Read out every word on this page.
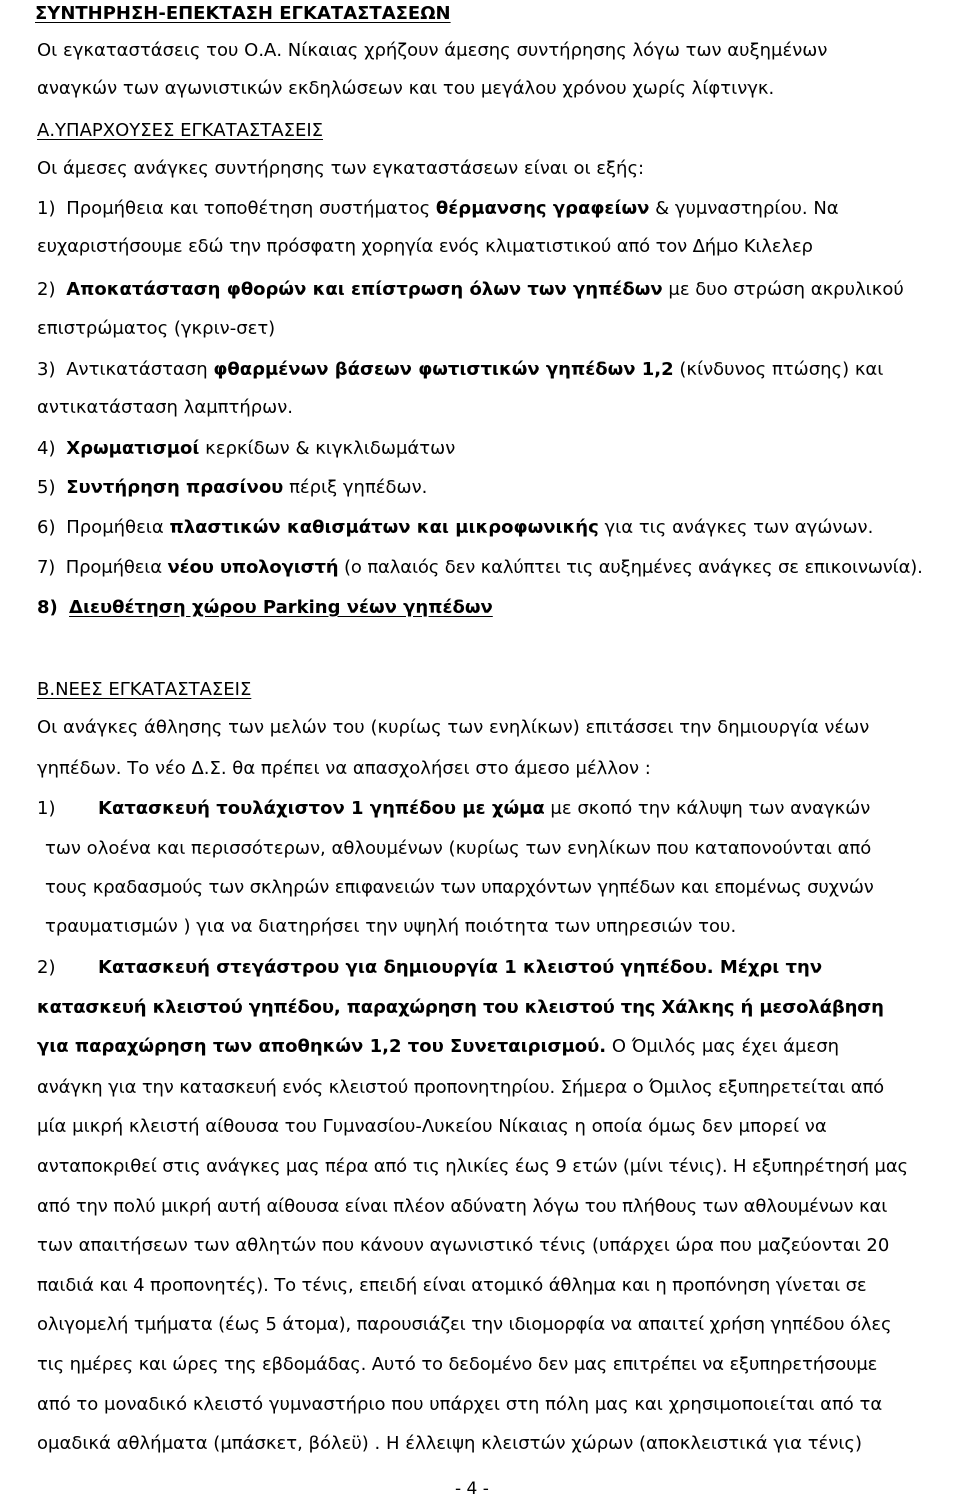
ΣΥΝΤΗΡΗΣΗ-ΕΠΕΚΤΑΣΗ ΕΓΚΑΤΑΣΤΑΣΕΩΝ
Οι εγκαταστάσεις του Ο.Α. Νίκαιας χρήζουν άμεσης συντήρησης λόγω των αυξημένων
αναγκών των αγωνιστικών εκδηλώσεων και του μεγάλου χρόνου χωρίς λίφτινγκ.
Α.ΥΠΑΡΧΟΥΣΕΣ ΕΓΚΑΤΑΣΤΑΣΕΙΣ
Οι άμεσες ανάγκες συντήρησης των εγκαταστάσεων είναι οι εξής:
1) Προμήθεια και τοποθέτηση συστήματος θέρμανσης γραφείων & γυμναστηρίου. Να
ευχαριστήσουμε εδώ την πρόσφατη χορηγία ενός κλιματιστικού από τον Δήμο Κιλελερ
2) Αποκατάσταση φθορών και επίστρωση όλων των γηπέδων με δυο στρώση ακρυλικού
επιστρώματος (γκριν-σετ)
3) Αντικατάσταση φθαρμένων βάσεων φωτιστικών γηπέδων 1,2 (κίνδυνος πτώσης) και
αντικατάσταση λαμπτήρων.
4) Χρωματισμοί κερκίδων & κιγκλιδωμάτων
5) Συντήρηση πρασίνου πέριξ γηπέδων.
6) Προμήθεια πλαστικών καθισμάτων και μικροφωνικής για τις ανάγκες των αγώνων.
7) Προμήθεια νέου υπολογιστή (ο παλαιός δεν καλύπτει τις αυξημένες ανάγκες σε επικοινωνία).
8) Διευθέτηση χώρου Parking νέων γηπέδων
Β.ΝΕΕΣ ΕΓΚΑΤΑΣΤΑΣΕΙΣ
Οι ανάγκες άθλησης των μελών του (κυρίως των ενηλίκων) επιτάσσει την δημιουργία νέων
γηπέδων. Το νέο Δ.Σ. θα πρέπει να απασχολήσει στο άμεσο μέλλον :
1) Κατασκευή τουλάχιστον 1 γηπέδου με χώμα με σκοπό την κάλυψη των αναγκών
των ολοένα και περισσότερων, αθλουμένων (κυρίως των ενηλίκων που καταπονούνται από
τους κραδασμούς των σκληρών επιφανειών των υπαρχόντων γηπέδων και επομένως συχνών
τραυματισμών ) για να διατηρήσει την υψηλή ποιότητα των υπηρεσιών του.
2) Κατασκευή στεγάστρου για δημιουργία 1 κλειστού γηπέδου. Μέχρι την
κατασκευή κλειστού γηπέδου, παραχώρηση του κλειστού της Χάλκης ή μεσολάβηση
για παραχώρηση των αποθηκών 1,2 του Συνεταιρισμού. Ο Όμιλός μας έχει άμεση
ανάγκη για την κατασκευή ενός κλειστού προπονητηρίου. Σήμερα ο Όμιλος εξυπηρετείται από
μία μικρή κλειστή αίθουσα του Γυμνασίου-Λυκείου Νίκαιας η οποία όμως δεν μπορεί να
ανταποκριθεί στις ανάγκες μας πέρα από τις ηλικίες έως 9 ετών (μίνι τένις). Η εξυπηρέτησή μας
από την πολύ μικρή αυτή αίθουσα είναι πλέον αδύνατη λόγω του πλήθους των αθλουμένων και
των απαιτήσεων των αθλητών που κάνουν αγωνιστικό τένις (υπάρχει ώρα που μαζεύονται 20
παιδιά και 4 προπονητές). Το τένις, επειδή είναι ατομικό άθλημα και η προπόνηση γίνεται σε
ολιγομελή τμήματα (έως 5 άτομα), παρουσιάζει την ιδιομορφία να απαιτεί χρήση γηπέδου όλες
τις ημέρες και ώρες της εβδομάδας. Αυτό το δεδομένο δεν μας επιτρέπει να εξυπηρετήσουμε
από το μοναδικό κλειστό γυμναστήριο που υπάρχει στη πόλη μας και χρησιμοποιείται από τα
ομαδικά αθλήματα (μπάσκετ, βόλεϋ) . Η έλλειψη κλειστών χώρων (αποκλειστικά για τένις)
- 4 -
